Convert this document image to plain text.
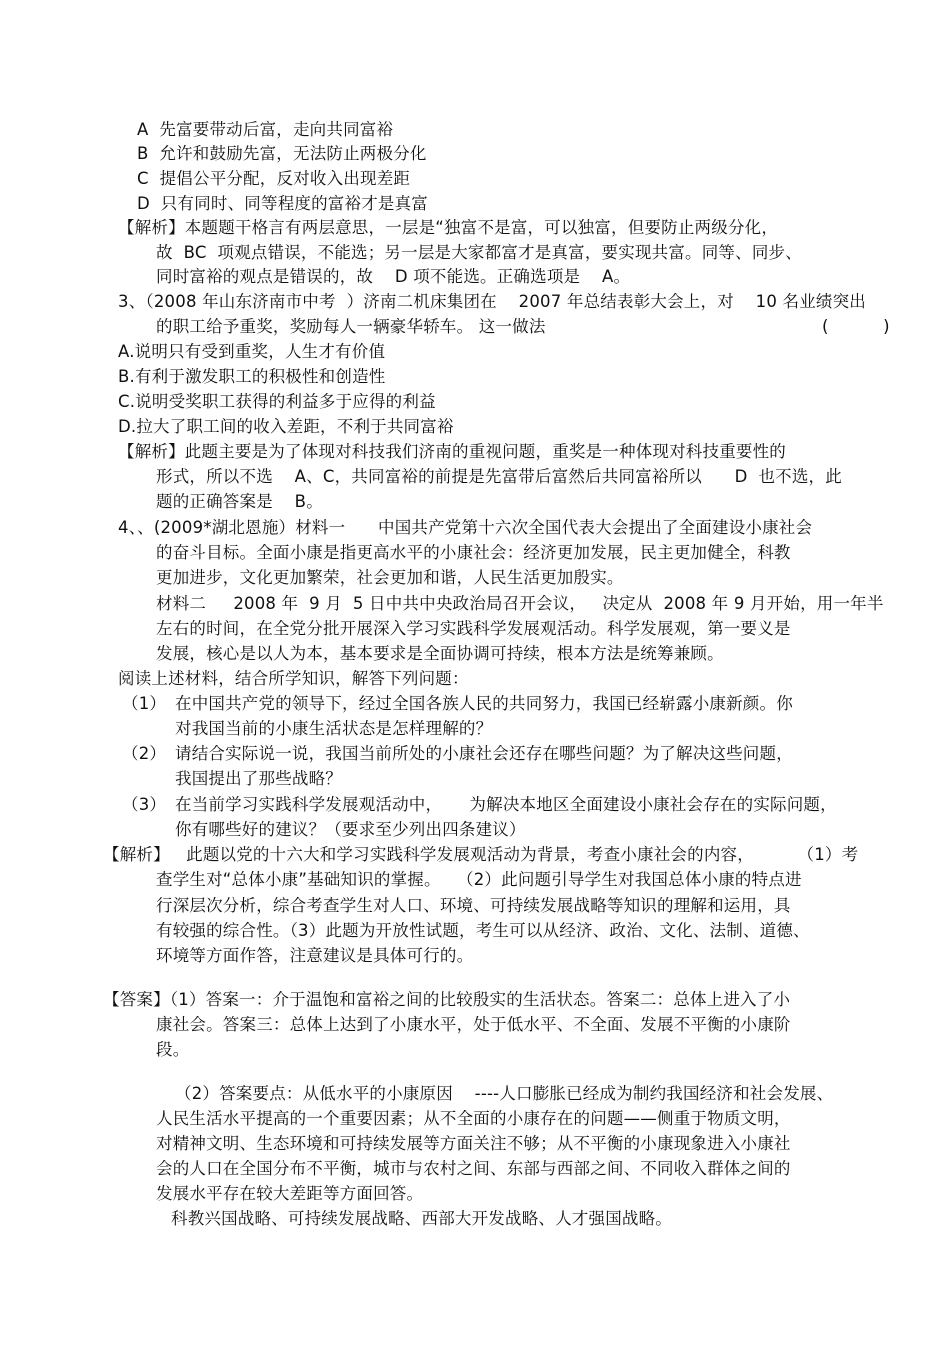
A  先富要带动后富，走向共同富裕
B  允许和鼓励先富，无法防止两极分化
C  提倡公平分配，反对收入出现差距
D  只有同时、同等程度的富裕才是真富
【解析】本题题干格言有两层意思，一层是“独富不是富，可以独富，但要防止两级分化，
故  BC  项观点错误，不能选；另一层是大家都富才是真富，要实现共富。同等、同步、
同时富裕的观点是错误的，故    D 项不能选。正确选项是    A。
3、（2008 年山东济南市中考  ）济南二机床集团在    2007 年总结表彰大会上，对    10 名业绩突出
的职工给予重奖，奖励每人一辆豪华轿车。 这一做法	(          )
A.说明只有受到重奖，人生才有价值
B.有利于激发职工的积极性和创造性
C.说明受奖职工获得的利益多于应得的利益
D.拉大了职工间的收入差距，不利于共同富裕
【解析】此题主要是为了体现对科技我们济南的重视问题，重奖是一种体现对科技重要性的
形式，所以不选    A、C，共同富裕的前提是先富带后富然后共同富裕所以      D  也不选，此
题的正确答案是    B。
4、、(2009*湖北恩施）材料一      中国共产党第十六次全国代表大会提出了全面建设小康社会
的奋斗目标。全面小康是指更高水平的小康社会：经济更加发展，民主更加健全，科教
更加进步，文化更加繁荣，社会更加和谐，人民生活更加殷实。
材料二     2008 年  9 月  5 日中共中央政治局召开会议，   决定从  2008 年 9 月开始，用一年半
左右的时间，在全党分批开展深入学习实践科学发展观活动。科学发展观，第一要义是
发展，核心是以人为本，基本要求是全面协调可持续，根本方法是统筹兼顾。
阅读上述材料，结合所学知识，解答下列问题：
（1） 在中国共产党的领导下，经过全国各族人民的共同努力，我国已经崭露小康新颜。你
对我国当前的小康生活状态是怎样理解的？
（2） 请结合实际说一说，我国当前所处的小康社会还存在哪些问题？为了解决这些问题，
我国提出了那些战略？
（3） 在当前学习实践科学发展观活动中，     为解决本地区全面建设小康社会存在的实际问题，
你有哪些好的建议？（要求至少列出四条建议）
【解析】   此题以党的十六大和学习实践科学发展观活动为背景，考查小康社会的内容，        （1）考
查学生对“总体小康”基础知识的掌握。   （2）此问题引导学生对我国总体小康的特点进
行深层次分析，综合考查学生对人口、环境、可持续发展战略等知识的理解和运用，具
有较强的综合性。（3）此题为开放性试题，考生可以从经济、政治、文化、法制、道德、
环境等方面作答，注意建议是具体可行的。
【答案】（1）答案一：介于温饱和富裕之间的比较殷实的生活状态。答案二：总体上进入了小
康社会。答案三：总体上达到了小康水平，处于低水平、不全面、发展不平衡的小康阶
段。
（2）答案要点：从低水平的小康原因    ----人口膨胀已经成为制约我国经济和社会发展、
人民生活水平提高的一个重要因素；从不全面的小康存在的问题——侧重于物质文明，
对精神文明、生态环境和可持续发展等方面关注不够；从不平衡的小康现象进入小康社
会的人口在全国分布不平衡，城市与农村之间、东部与西部之间、不同收入群体之间的
发展水平存在较大差距等方面回答。
科教兴国战略、可持续发展战略、西部大开发战略、人才强国战略。
